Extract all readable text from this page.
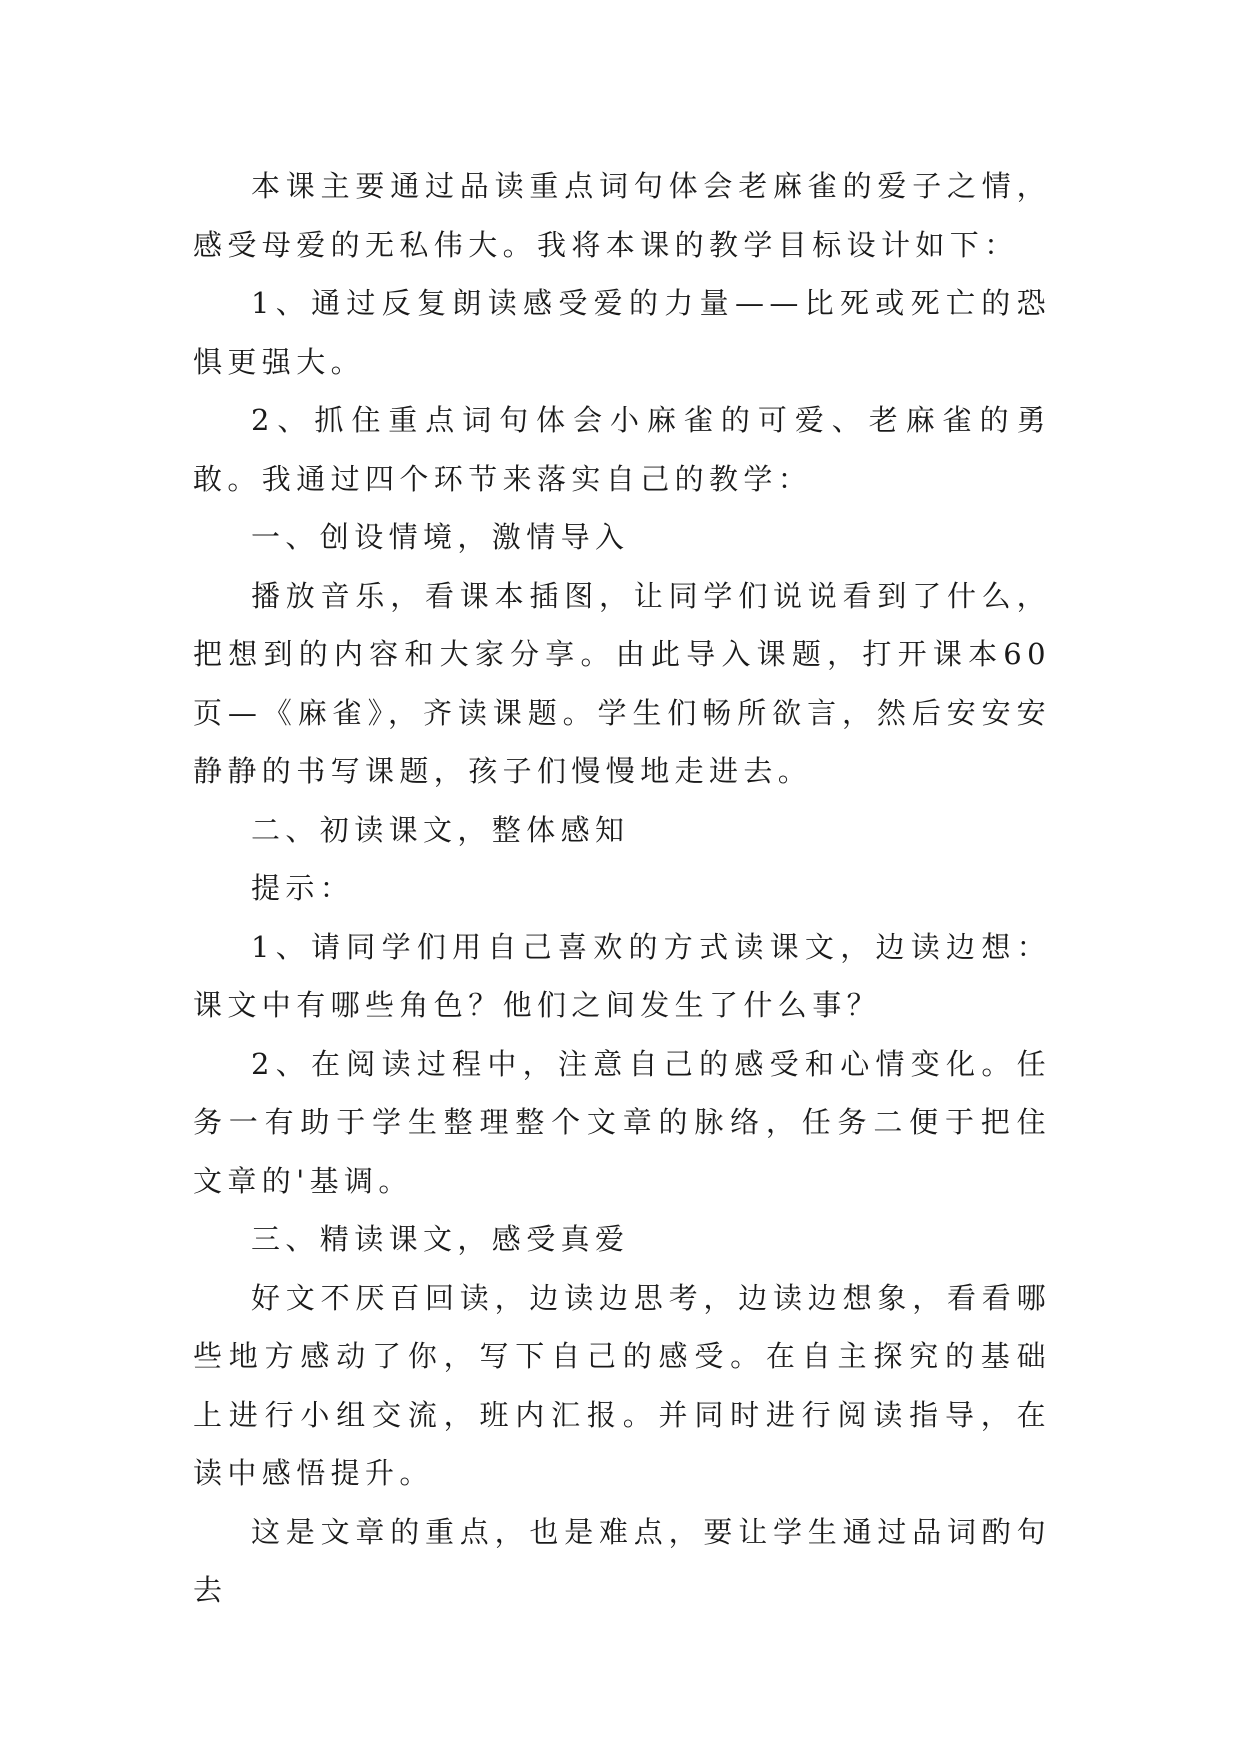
本课主要通过品读重点词句体会老麻雀的爱子之情，感受母爱的无私伟大。我将本课的教学目标设计如下：

1、通过反复朗读感受爱的力量——比死或死亡的恐惧更强大。

2、抓住重点词句体会小麻雀的可爱、老麻雀的勇敢。我通过四个环节来落实自己的教学：

一、创设情境，激情导入

播放音乐，看课本插图，让同学们说说看到了什么，把想到的内容和大家分享。由此导入课题，打开课本60页—《麻雀》，齐读课题。学生们畅所欲言，然后安安安静静的书写课题，孩子们慢慢地走进去。

二、初读课文，整体感知

提示：

1、请同学们用自己喜欢的方式读课文，边读边想：课文中有哪些角色？他们之间发生了什么事？

2、在阅读过程中，注意自己的感受和心情变化。任务一有助于学生整理整个文章的脉络，任务二便于把住文章的'基调。

三、精读课文，感受真爱

好文不厌百回读，边读边思考，边读边想象，看看哪些地方感动了你，写下自己的感受。在自主探究的基础上进行小组交流，班内汇报。并同时进行阅读指导，在读中感悟提升。

这是文章的重点，也是难点，要让学生通过品词酌句去
